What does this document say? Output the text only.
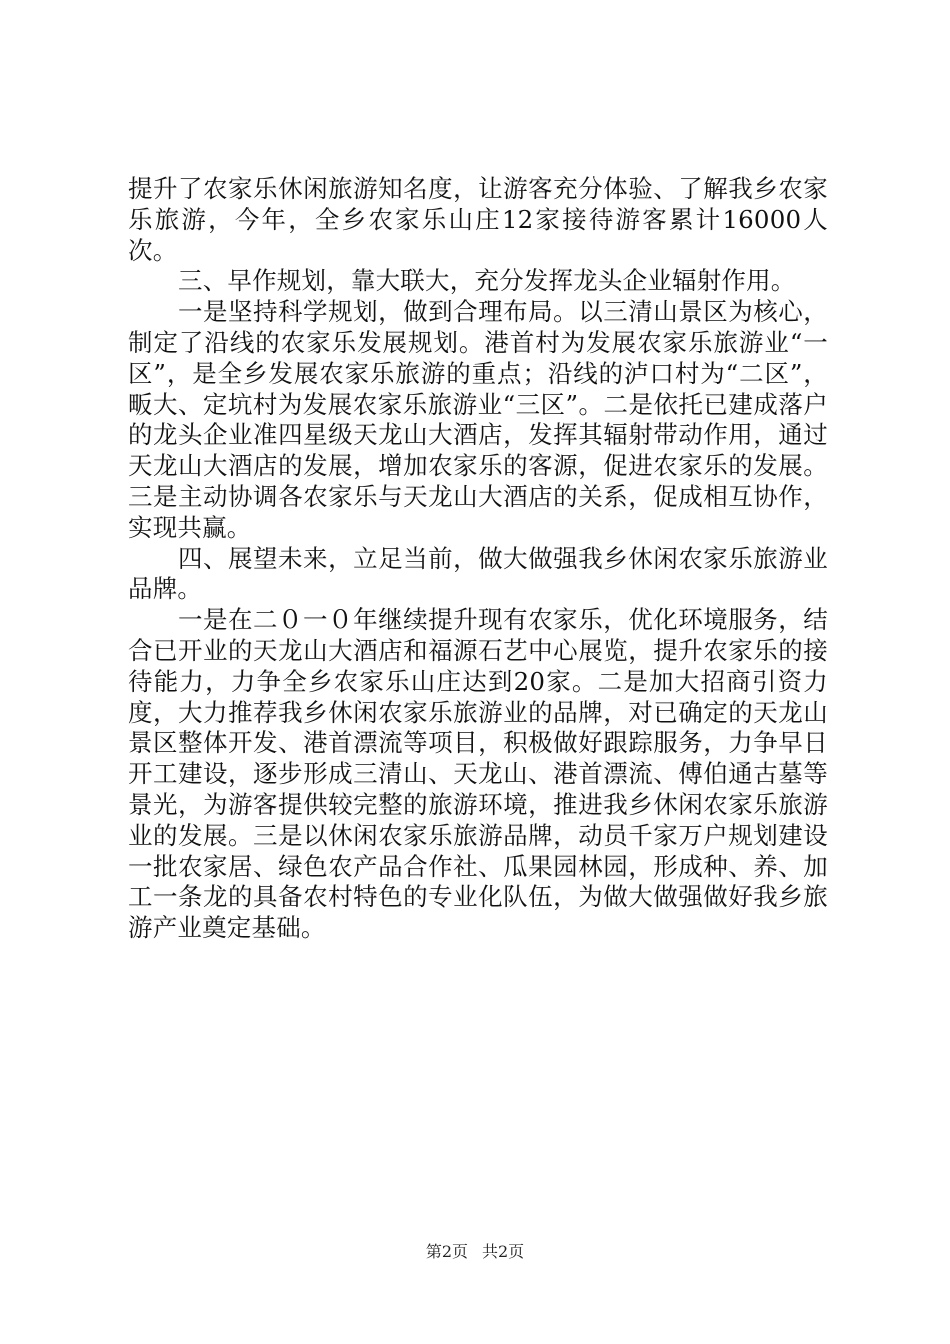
提升了农家乐休闲旅游知名度，让游客充分体验、了解我乡农家乐旅游，今年，全乡农家乐山庄12家接待游客累计16000人次。

三、早作规划，靠大联大，充分发挥龙头企业辐射作用。

一是坚持科学规划，做到合理布局。以三清山景区为核心，制定了沿线的农家乐发展规划。港首村为发展农家乐旅游业“一区”，是全乡发展农家乐旅游的重点；沿线的泸口村为“二区”，畈大、定坑村为发展农家乐旅游业“三区”。二是依托已建成落户的龙头企业准四星级天龙山大酒店，发挥其辐射带动作用，通过天龙山大酒店的发展，增加农家乐的客源，促进农家乐的发展。三是主动协调各农家乐与天龙山大酒店的关系，促成相互协作，实现共赢。

四、展望未来，立足当前，做大做强我乡休闲农家乐旅游业品牌。

一是在二０一０年继续提升现有农家乐，优化环境服务，结合已开业的天龙山大酒店和福源石艺中心展览，提升农家乐的接待能力，力争全乡农家乐山庄达到20家。二是加大招商引资力度，大力推荐我乡休闲农家乐旅游业的品牌，对已确定的天龙山景区整体开发、港首漂流等项目，积极做好跟踪服务，力争早日开工建设，逐步形成三清山、天龙山、港首漂流、傅伯通古墓等景光，为游客提供较完整的旅游环境，推进我乡休闲农家乐旅游业的发展。三是以休闲农家乐旅游品牌，动员千家万户规划建设一批农家居、绿色农产品合作社、瓜果园林园，形成种、养、加工一条龙的具备农村特色的专业化队伍，为做大做强做好我乡旅游产业奠定基础。

第2页 共2页
